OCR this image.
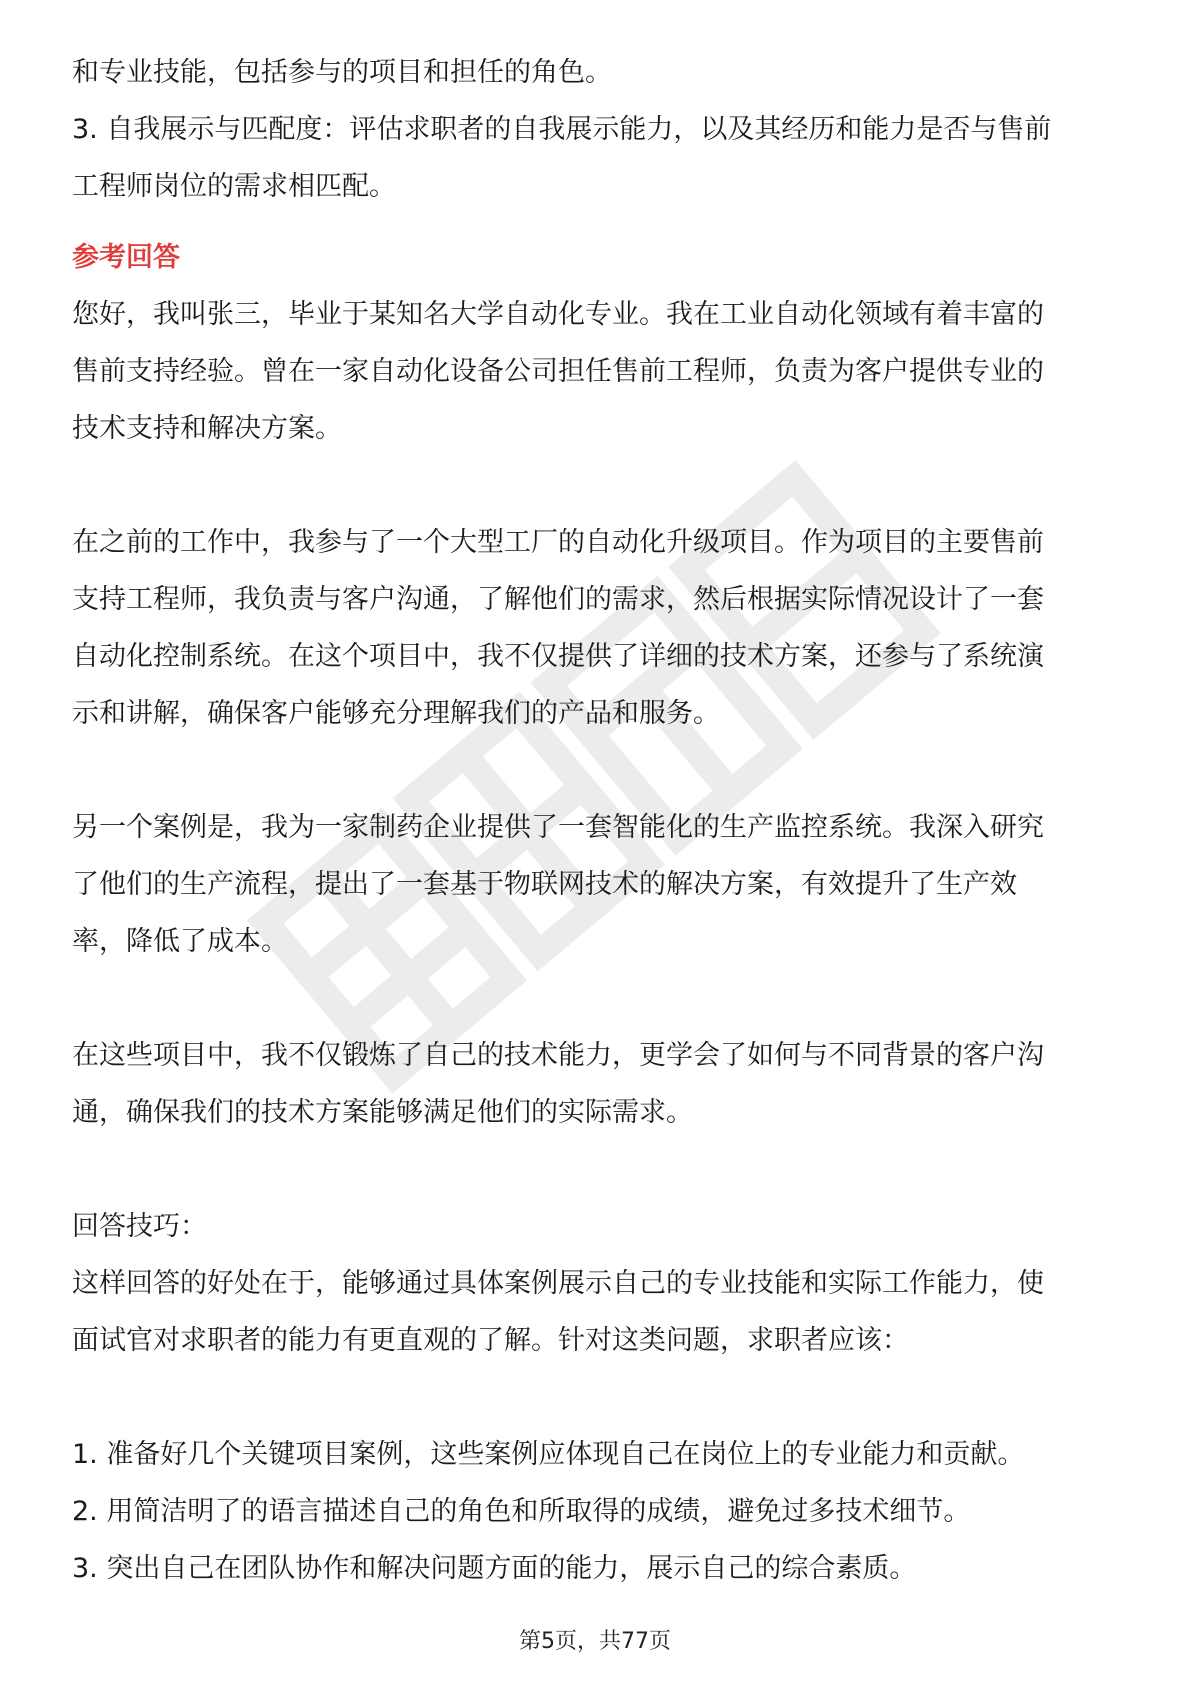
和专业技能，包括参与的项目和担任的角色。
3. 自我展示与匹配度：评估求职者的自我展示能力，以及其经历和能力是否与售前
工程师岗位的需求相匹配。
参考回答
您好，我叫张三，毕业于某知名大学自动化专业。我在工业自动化领域有着丰富的
售前支持经验。曾在一家自动化设备公司担任售前工程师，负责为客户提供专业的
技术支持和解决方案。
在之前的工作中，我参与了一个大型工厂的自动化升级项目。作为项目的主要售前
支持工程师，我负责与客户沟通，了解他们的需求，然后根据实际情况设计了一套
自动化控制系统。在这个项目中，我不仅提供了详细的技术方案，还参与了系统演
示和讲解，确保客户能够充分理解我们的产品和服务。
另一个案例是，我为一家制药企业提供了一套智能化的生产监控系统。我深入研究
了他们的生产流程，提出了一套基于物联网技术的解决方案，有效提升了生产效
率，降低了成本。
在这些项目中，我不仅锻炼了自己的技术能力，更学会了如何与不同背景的客户沟
通，确保我们的技术方案能够满足他们的实际需求。
回答技巧：
这样回答的好处在于，能够通过具体案例展示自己的专业技能和实际工作能力，使
面试官对求职者的能力有更直观的了解。针对这类问题，求职者应该：
1. 准备好几个关键项目案例，这些案例应体现自己在岗位上的专业能力和贡献。
2. 用简洁明了的语言描述自己的角色和所取得的成绩，避免过多技术细节。
3. 突出自己在团队协作和解决问题方面的能力，展示自己的综合素质。
第5页，共77页
